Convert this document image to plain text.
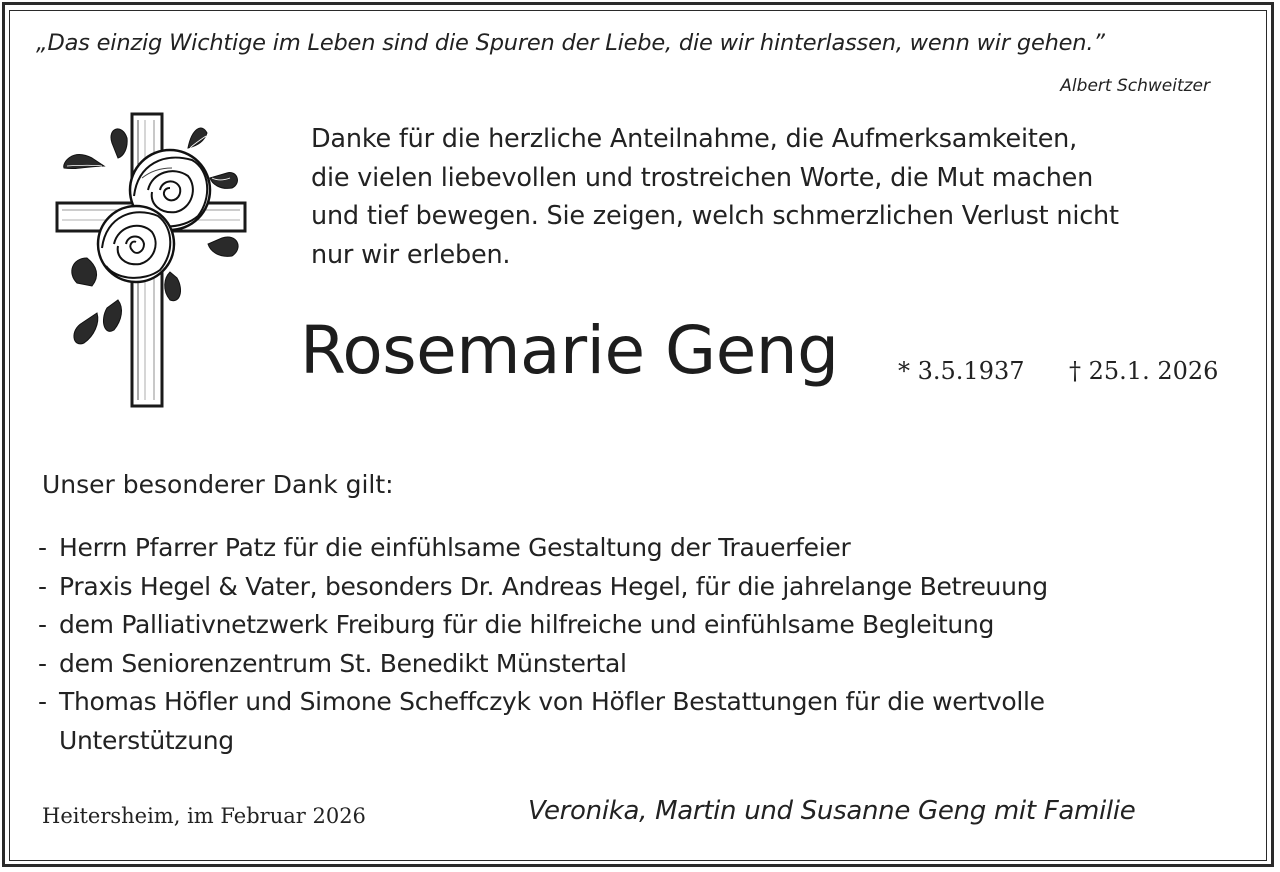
„Das einzig Wichtige im Leben sind die Spuren der Liebe, die wir hinterlassen, wenn wir gehen.”
Albert Schweitzer
Danke für die herzliche Anteilnahme, die Aufmerksamkeiten,
die vielen liebevollen und trostreichen Worte, die Mut machen
und tief bewegen. Sie zeigen, welch schmerzlichen Verlust nicht
nur wir erleben.
Rosemarie Geng * 3.5.1937 † 25.1. 2026
Unser besonderer Dank gilt:
- Herrn Pfarrer Patz für die einfühlsame Gestaltung der Trauerfeier
- Praxis Hegel & Vater, besonders Dr. Andreas Hegel, für die jahrelange Betreuung
- dem Palliativnetzwerk Freiburg für die hilfreiche und einfühlsame Begleitung
- dem Seniorenzentrum St. Benedikt Münstertal
- Thomas Höfler und Simone Scheffczyk von Höfler Bestattungen für die wertvolle
Unterstützung
Heitersheim, im Februar 2026	Veronika, Martin und Susanne Geng mit Familie
